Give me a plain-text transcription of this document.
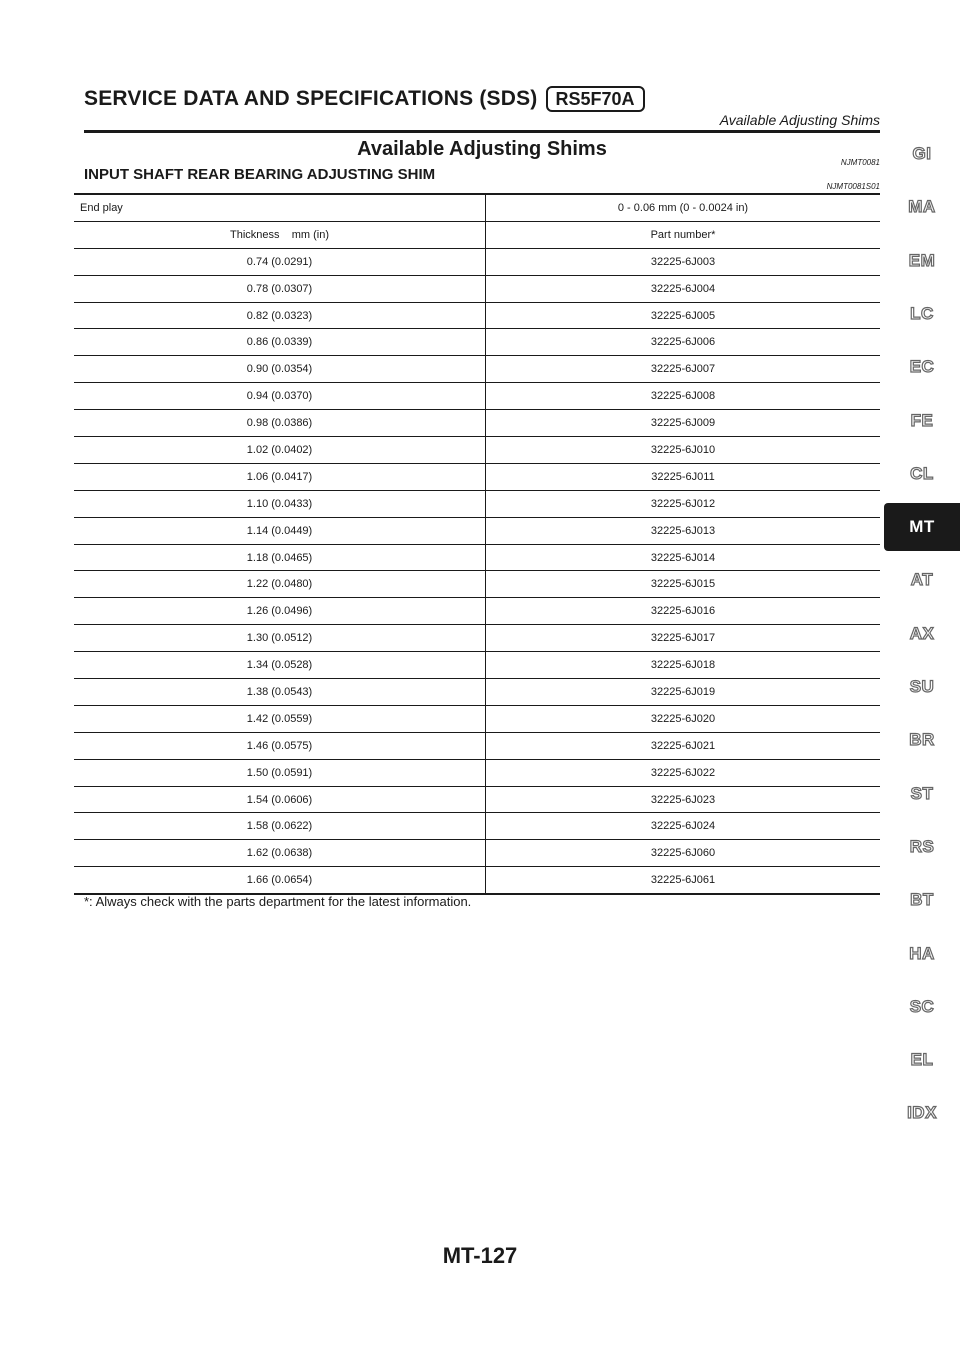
SERVICE DATA AND SPECIFICATIONS (SDS)	RS5F70A
Available Adjusting Shims
Available Adjusting Shims
NJMT0081
INPUT SHAFT REAR BEARING ADJUSTING SHIM
NJMT0081S01
End play	0 - 0.06 mm (0 - 0.0024 in)
Thickness    mm (in)	Part number*
0.74 (0.0291)	32225-6J003
0.78 (0.0307)	32225-6J004
0.82 (0.0323)	32225-6J005
0.86 (0.0339)	32225-6J006
0.90 (0.0354)	32225-6J007
0.94 (0.0370)	32225-6J008
0.98 (0.0386)	32225-6J009
1.02 (0.0402)	32225-6J010
1.06 (0.0417)	32225-6J011
1.10 (0.0433)	32225-6J012
1.14 (0.0449)	32225-6J013
1.18 (0.0465)	32225-6J014
1.22 (0.0480)	32225-6J015
1.26 (0.0496)	32225-6J016
1.30 (0.0512)	32225-6J017
1.34 (0.0528)	32225-6J018
1.38 (0.0543)	32225-6J019
1.42 (0.0559)	32225-6J020
1.46 (0.0575)	32225-6J021
1.50 (0.0591)	32225-6J022
1.54 (0.0606)	32225-6J023
1.58 (0.0622)	32225-6J024
1.62 (0.0638)	32225-6J060
1.66 (0.0654)	32225-6J061
*: Always check with the parts department for the latest information.
MT-127
GI
MA
EM
LC
EC
FE
CL
MT
AT
AX
SU
BR
ST
RS
BT
HA
SC
EL
IDX
